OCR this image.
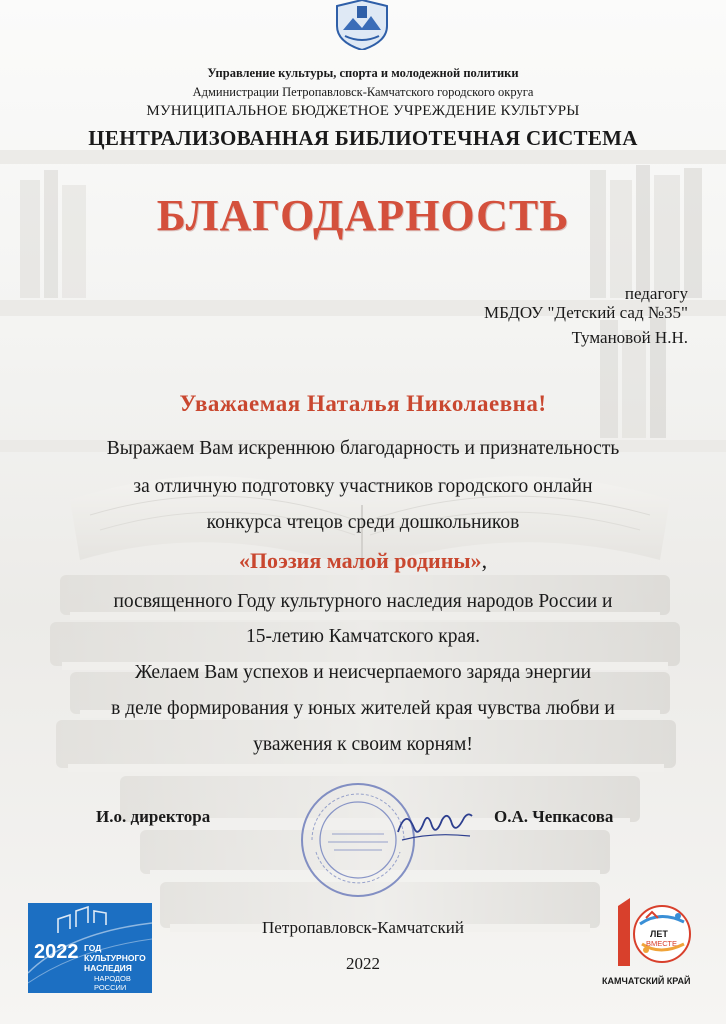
Управление культуры, спорта и молодежной политики
Администрации Петропавловск-Камчатского городского округа
МУНИЦИПАЛЬНОЕ БЮДЖЕТНОЕ УЧРЕЖДЕНИЕ КУЛЬТУРЫ
ЦЕНТРАЛИЗОВАННАЯ БИБЛИОТЕЧНАЯ СИСТЕМА
БЛАГОДАРНОСТЬ
педагогу
МБДОУ "Детский сад №35"
Тумановой Н.Н.
Уважаемая Наталья Николаевна!
Выражаем Вам искреннюю благодарность и признательность
за отличную подготовку участников городского онлайн
конкурса чтецов среди дошкольников
«Поэзия малой родины»,
посвященного Году культурного наследия народов России и
15-летию Камчатского края.
Желаем Вам успехов и неисчерпаемого заряда энергии
в деле формирования у юных жителей края чувства любви и
уважения к своим корням!
И.о. директора	О.А. Чепкасова
Петропавловск-Камчатский
2022
2022 ГОД
КУЛЬТУРНОГО
НАСЛЕДИЯ
НАРОДОВ
РОССИИ
ЛЕТ
ВМЕСТЕ
КАМЧАТСКИЙ КРАЙ
